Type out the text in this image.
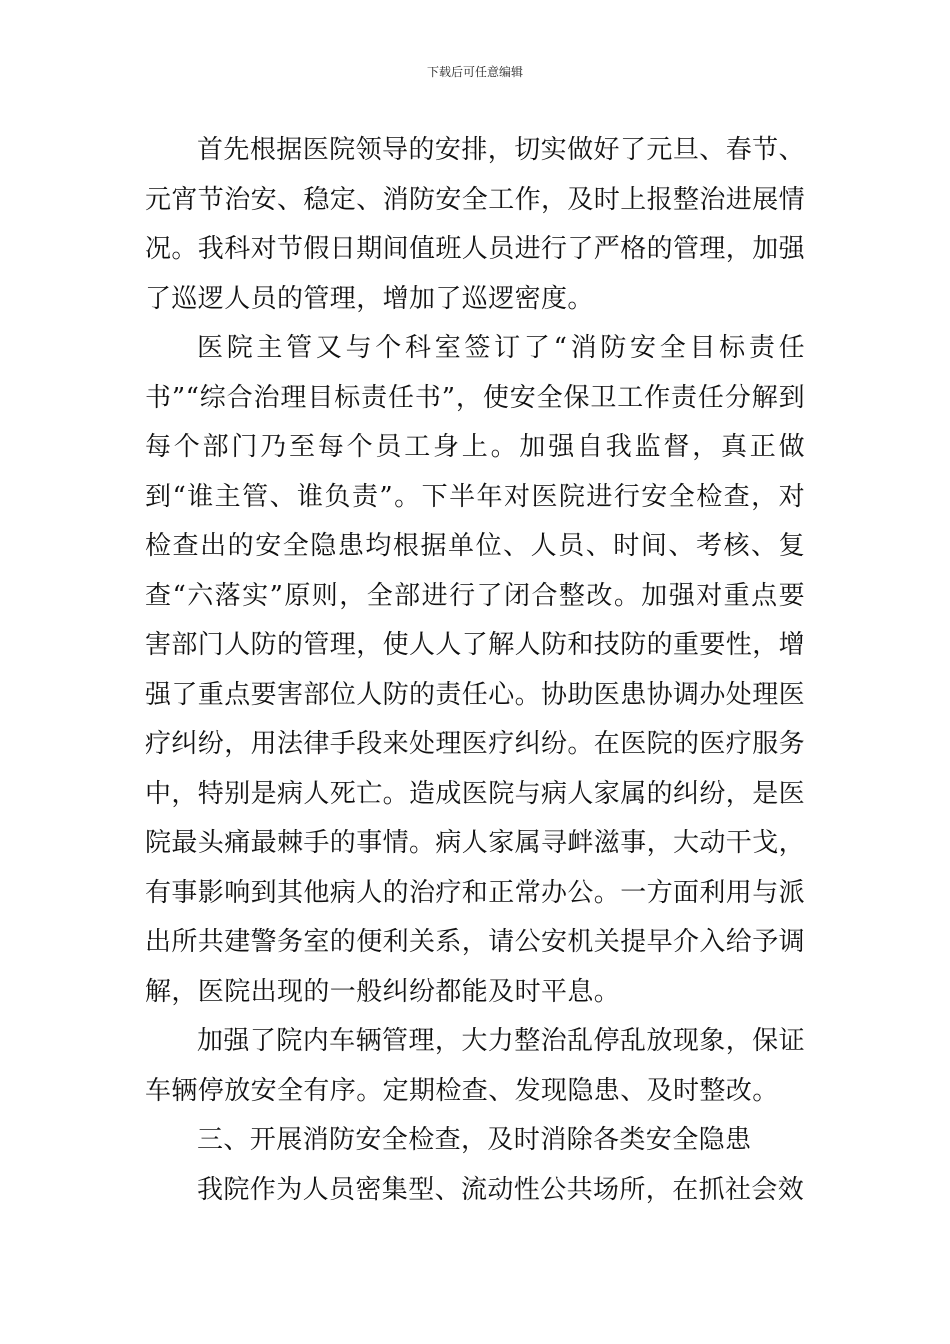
下载后可任意编辑

首先根据医院领导的安排，切实做好了元旦、春节、元宵节治安、稳定、消防安全工作，及时上报整治进展情况。我科对节假日期间值班人员进行了严格的管理，加强了巡逻人员的管理，增加了巡逻密度。

医院主管又与个科室签订了“消防安全目标责任书”“综合治理目标责任书”，使安全保卫工作责任分解到每个部门乃至每个员工身上。加强自我监督，真正做到“谁主管、谁负责”。下半年对医院进行安全检查，对检查出的安全隐患均根据单位、人员、时间、考核、复查“六落实”原则，全部进行了闭合整改。加强对重点要害部门人防的管理，使人人了解人防和技防的重要性，增强了重点要害部位人防的责任心。协助医患协调办处理医疗纠纷，用法律手段来处理医疗纠纷。在医院的医疗服务中，特别是病人死亡。造成医院与病人家属的纠纷，是医院最头痛最棘手的事情。病人家属寻衅滋事，大动干戈，有事影响到其他病人的治疗和正常办公。一方面利用与派出所共建警务室的便利关系，请公安机关提早介入给予调解，医院出现的一般纠纷都能及时平息。

加强了院内车辆管理，大力整治乱停乱放现象，保证车辆停放安全有序。定期检查、发现隐患、及时整改。

三、开展消防安全检查，及时消除各类安全隐患

我院作为人员密集型、流动性公共场所，在抓社会效
